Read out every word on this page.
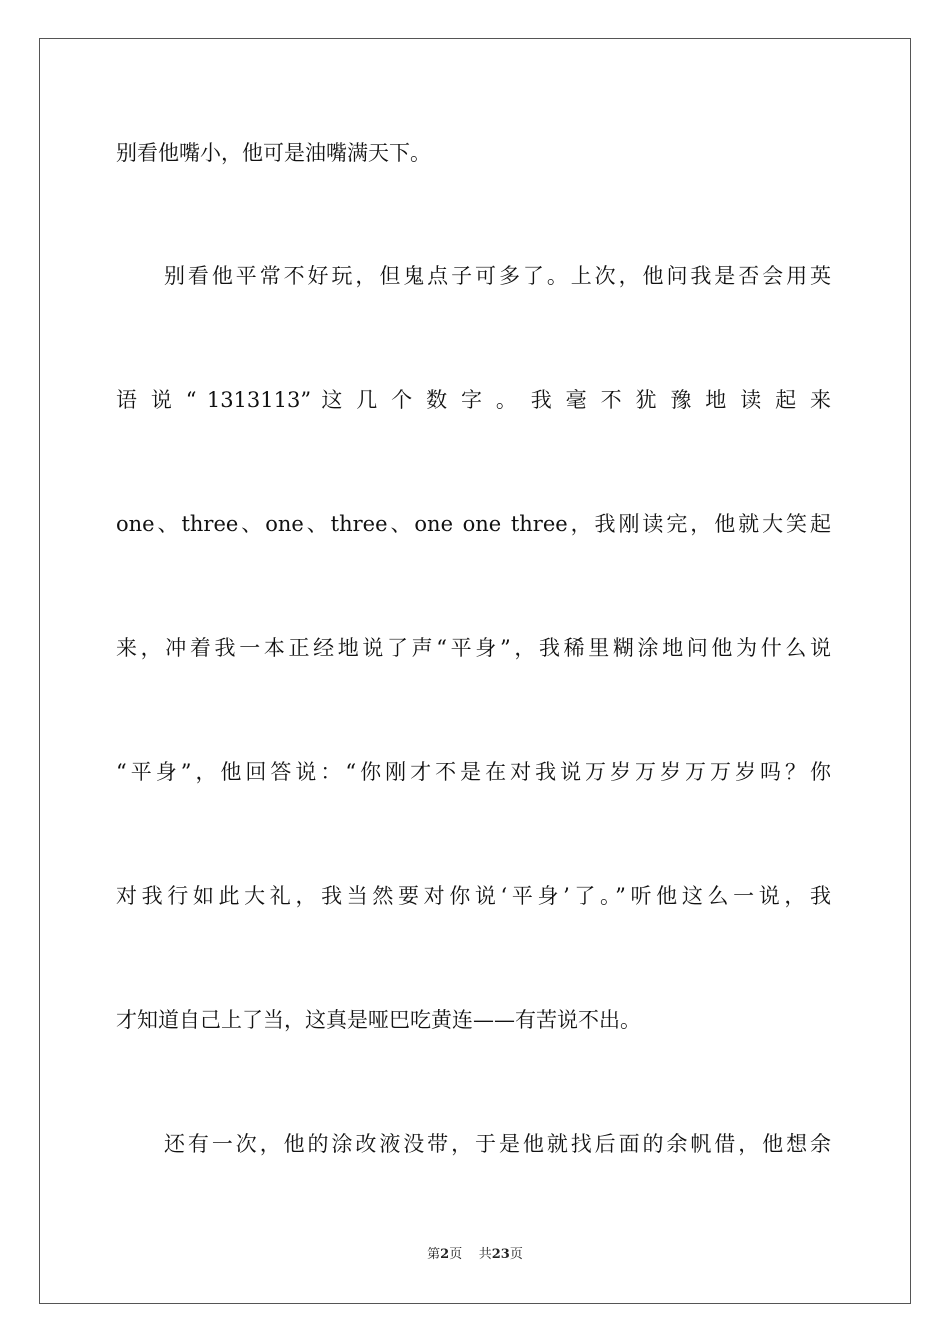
别看他嘴小，他可是油嘴满天下。
别看他平常不好玩，但鬼点子可多了。上次，他问我是否会用英
语 说 “ 1313113” 这 几 个 数 字 。 我 毫 不 犹 豫 地 读 起 来
one、three、one、three、one one three，我刚读完，他就大笑起
来，冲着我一本正经地说了声“平身”，我稀里糊涂地问他为什么说
“平身”，他回答说：“你刚才不是在对我说万岁万岁万万岁吗？你
对我行如此大礼，我当然要对你说‘平身’了。”听他这么一说，我
才知道自己上了当，这真是哑巴吃黄连——有苦说不出。
还有一次，他的涂改液没带，于是他就找后面的余帆借，他想余
第2页 共23页
